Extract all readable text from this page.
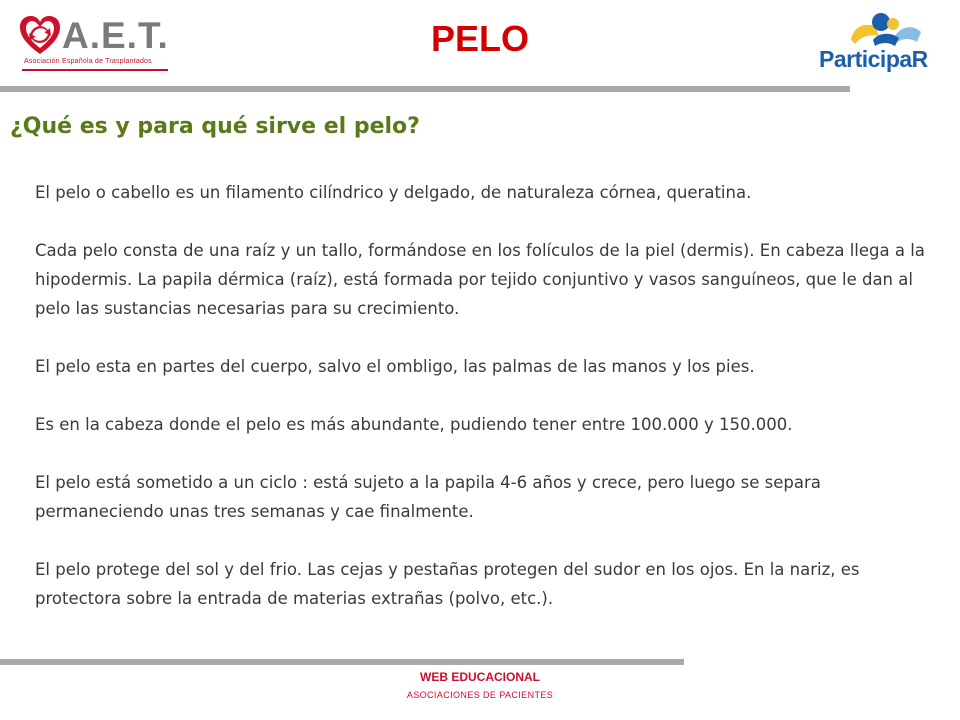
A.E.T.
Asociación Española de Trasplantados
PELO	ParticipaR
¿Qué es y para qué sirve el pelo?

El pelo o cabello es un filamento cilíndrico y delgado, de naturaleza córnea, queratina.

Cada pelo consta de una raíz y un tallo, formándose en los folículos de la piel (dermis). En cabeza llega a la hipodermis. La papila dérmica (raíz), está formada por tejido conjuntivo y vasos sanguíneos, que le dan al pelo las sustancias necesarias para su crecimiento.

El pelo esta en partes del cuerpo, salvo el ombligo, las palmas de las manos y los pies.

Es en la cabeza donde el pelo es más abundante, pudiendo tener entre 100.000 y 150.000.

El pelo está sometido a un ciclo : está sujeto a la papila 4-6 años y crece, pero luego se separa permaneciendo unas tres semanas y cae finalmente.

El pelo protege del sol y del frio. Las cejas y pestañas protegen del sudor en los ojos. En la nariz, es protectora sobre la entrada de materias extrañas (polvo, etc.).

WEB EDUCACIONAL
ASOCIACIONES DE PACIENTES
